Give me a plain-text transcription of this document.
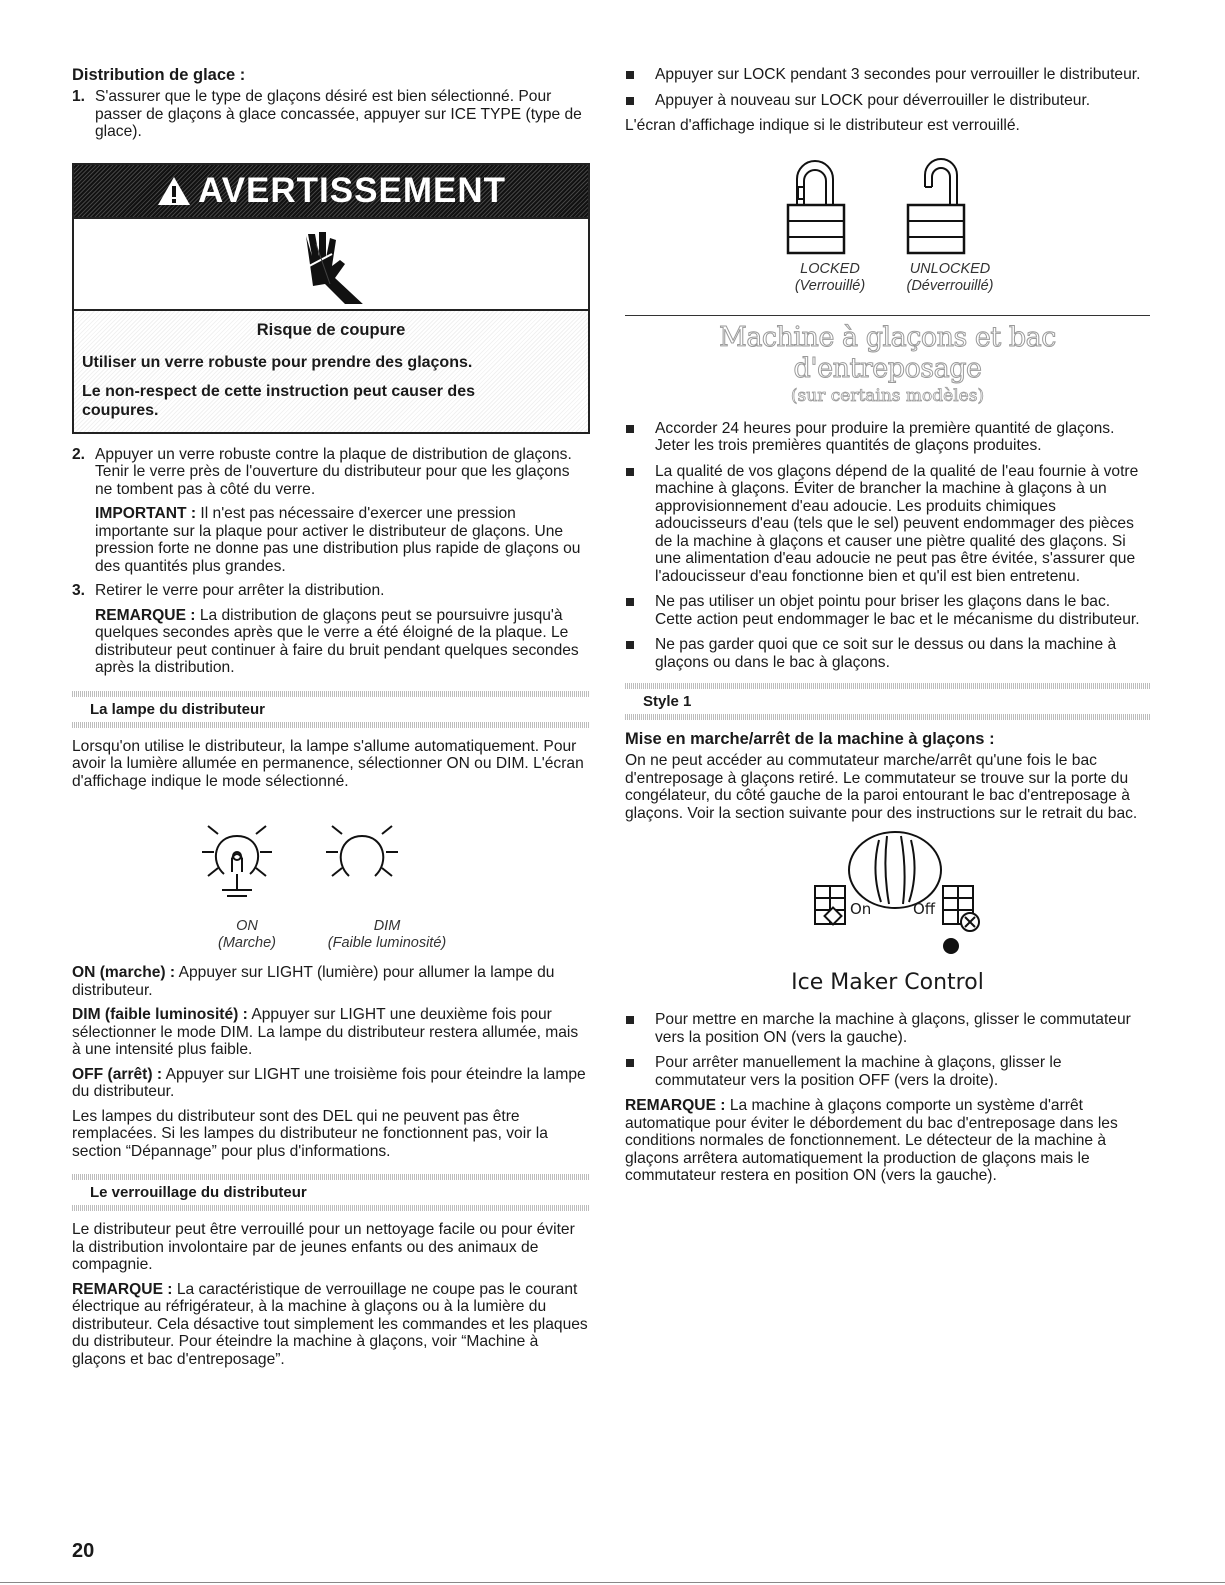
Distribution de glace :
1. S'assurer que le type de glaçons désiré est bien sélectionné. Pour passer de glaçons à glace concassée, appuyer sur ICE TYPE (type de glace).

AVERTISSEMENT

Risque de coupure

Utiliser un verre robuste pour prendre des glaçons.

Le non-respect de cette instruction peut causer des coupures.

2. Appuyer un verre robuste contre la plaque de distribution de glaçons. Tenir le verre près de l'ouverture du distributeur pour que les glaçons ne tombent pas à côté du verre.

IMPORTANT : Il n'est pas nécessaire d'exercer une pression importante sur la plaque pour activer le distributeur de glaçons. Une pression forte ne donne pas une distribution plus rapide de glaçons ou des quantités plus grandes.

3. Retirer le verre pour arrêter la distribution.

REMARQUE : La distribution de glaçons peut se poursuivre jusqu'à quelques secondes après que le verre a été éloigné de la plaque. Le distributeur peut continuer à faire du bruit pendant quelques secondes après la distribution.

La lampe du distributeur

Lorsqu'on utilise le distributeur, la lampe s'allume automatiquement. Pour avoir la lumière allumée en permanence, sélectionner ON ou DIM. L'écran d'affichage indique le mode sélectionné.

ON
(Marche)
DIM
(Faible luminosité)

ON (marche) : Appuyer sur LIGHT (lumière) pour allumer la lampe du distributeur.

DIM (faible luminosité) : Appuyer sur LIGHT une deuxième fois pour sélectionner le mode DIM. La lampe du distributeur restera allumée, mais à une intensité plus faible.

OFF (arrêt) : Appuyer sur LIGHT une troisième fois pour éteindre la lampe du distributeur.

Les lampes du distributeur sont des DEL qui ne peuvent pas être remplacées. Si les lampes du distributeur ne fonctionnent pas, voir la section “Dépannage” pour plus d'informations.

Le verrouillage du distributeur

Le distributeur peut être verrouillé pour un nettoyage facile ou pour éviter la distribution involontaire par de jeunes enfants ou des animaux de compagnie.

REMARQUE : La caractéristique de verrouillage ne coupe pas le courant électrique au réfrigérateur, à la machine à glaçons ou à la lumière du distributeur. Cela désactive tout simplement les commandes et les plaques du distributeur. Pour éteindre la machine à glaçons, voir “Machine à glaçons et bac d'entreposage”.

Appuyer sur LOCK pendant 3 secondes pour verrouiller le distributeur.

Appuyer à nouveau sur LOCK pour déverrouiller le distributeur.

L'écran d'affichage indique si le distributeur est verrouillé.

LOCKED
(Verrouillé)
UNLOCKED
(Déverrouillé)
Machine à glaçons et bac d'entreposage
(sur certains modèles)

Accorder 24 heures pour produire la première quantité de glaçons. Jeter les trois premières quantités de glaçons produites.

La qualité de vos glaçons dépend de la qualité de l'eau fournie à votre machine à glaçons. Éviter de brancher la machine à glaçons à un approvisionnement d'eau adoucie. Les produits chimiques adoucisseurs d'eau (tels que le sel) peuvent endommager des pièces de la machine à glaçons et causer une piètre qualité des glaçons. Si une alimentation d'eau adoucie ne peut pas être évitée, s'assurer que l'adoucisseur d'eau fonctionne bien et qu'il est bien entretenu.

Ne pas utiliser un objet pointu pour briser les glaçons dans le bac. Cette action peut endommager le bac et le mécanisme du distributeur.

Ne pas garder quoi que ce soit sur le dessus ou dans la machine à glaçons ou dans le bac à glaçons.

Style 1
Mise en marche/arrêt de la machine à glaçons :

On ne peut accéder au commutateur marche/arrêt qu'une fois le bac d'entreposage à glaçons retiré. Le commutateur se trouve sur la porte du congélateur, du côté gauche de la paroi entourant le bac d'entreposage à glaçons. Voir la section suivante pour des instructions sur le retrait du bac.

On	Off
Ice Maker Control

Pour mettre en marche la machine à glaçons, glisser le commutateur vers la position ON (vers la gauche).

Pour arrêter manuellement la machine à glaçons, glisser le commutateur vers la position OFF (vers la droite).

REMARQUE : La machine à glaçons comporte un système d'arrêt automatique pour éviter le débordement du bac d'entreposage dans les conditions normales de fonctionnement. Le détecteur de la machine à glaçons arrêtera automatiquement la production de glaçons mais le commutateur restera en position ON (vers la gauche).

20
